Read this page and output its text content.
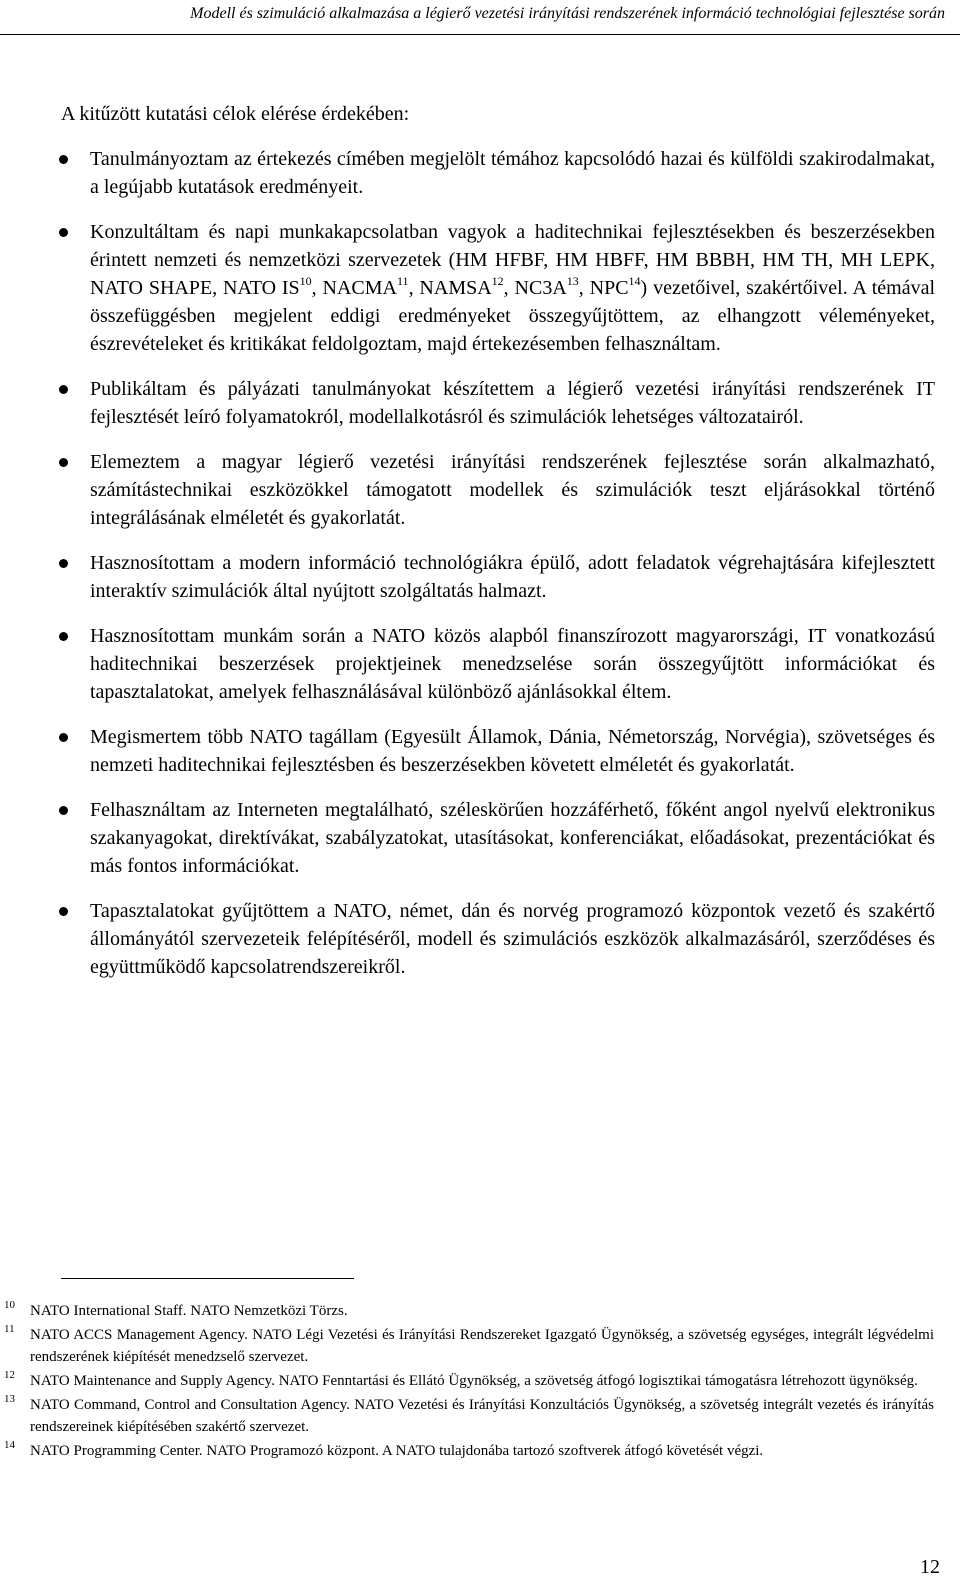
Modell és szimuláció alkalmazása a légierő vezetési irányítási rendszerének információ technológiai fejlesztése során
A kitűzött kutatási célok elérése érdekében:
Tanulmányoztam az értekezés címében megjelölt témához kapcsolódó hazai és külföldi szakirodalmakat, a legújabb kutatások eredményeit.
Konzultáltam és napi munkakapcsolatban vagyok a haditechnikai fejlesztésekben és beszerzésekben érintett nemzeti és nemzetközi szervezetek (HM HFBF, HM HBFF, HM BBBH, HM TH, MH LEPK, NATO SHAPE, NATO IS$^{10}$, NACMA$^{11}$, NAMSA$^{12}$, $NC3A^{13}$, NPC$^{14}$) vezetőivel, szakértőivel. A témával összefüggésben megjelent eddigi eredményeket összegyűjtöttem, az elhangzott véleményeket, észrevételeket és kritikákat feldolgoztam, majd értekezésemben felhasználtam.
Publikáltam és pályázati tanulmányokat készítettem a légierő vezetési irányítási rendszerének IT fejlesztését leíró folyamatokról, modellalkotásról és szimulációk lehetséges változatairól.
Elemeztem a magyar légierő vezetési irányítási rendszerének fejlesztése során alkalmazható, számítástechnikai eszközökkel támogatott modellek és szimulációk teszt eljárásokkal történő integrálásának elméletét és gyakorlatát.
Hasznosítottam a modern információ technológiákra épülő, adott feladatok végrehajtására kifejlesztett interaktív szimulációk által nyújtott szolgáltatás halmazt.
Hasznosítottam munkám során a NATO közös alapból finanszírozott magyarországi, IT vonatkozású haditechnikai beszerzések projektjeinek menedzselése során összegyűjtött információkat és tapasztalatokat, amelyek felhasználásával különböző ajánlásokkal éltem.
Megismertem több NATO tagállam (Egyesült Államok, Dánia, Németország, Norvégia), szövetséges és nemzeti haditechnikai fejlesztésben és beszerzésekben követett elméletét és gyakorlatát.
Felhasználtam az Interneten megtalálható, széleskörűen hozzáférhető, főként angol nyelvű elektronikus szakanyagokat, direktívákat, szabályzatokat, utasításokat, konferenciákat, előadásokat, prezentációkat és más fontos információkat.
Tapasztalatokat gyűjtöttem a NATO, német, dán és norvég programozó központok vezető és szakértő állományától szervezeteik felépítéséről, modell és szimulációs eszközök alkalmazásáról, szerződéses és együttműködő kapcsolatrendszereikről.
10 NATO International Staff. NATO Nemzetközi Törzs.
11 NATO ACCS Management Agency. NATO Légi Vezetési és Irányítási Rendszereket Igazgató Ügynökség, a szövetség egységes, integrált légvédelmi rendszerének kiépítését menedzselő szervezet.
12 NATO Maintenance and Supply Agency. NATO Fenntartási és Ellátó Ügynökség, a szövetség átfogó logisztikai támogatásra létrehozott ügynökség.
13 NATO Command, Control and Consultation Agency. NATO Vezetési és Irányítási Konzultációs Ügynökség, a szövetség integrált vezetés és irányítás rendszereinek kiépítésében szakértő szervezet.
14 NATO Programming Center. NATO Programozó központ. A NATO tulajdonába tartozó szoftverek átfogó követését végzi.
12
